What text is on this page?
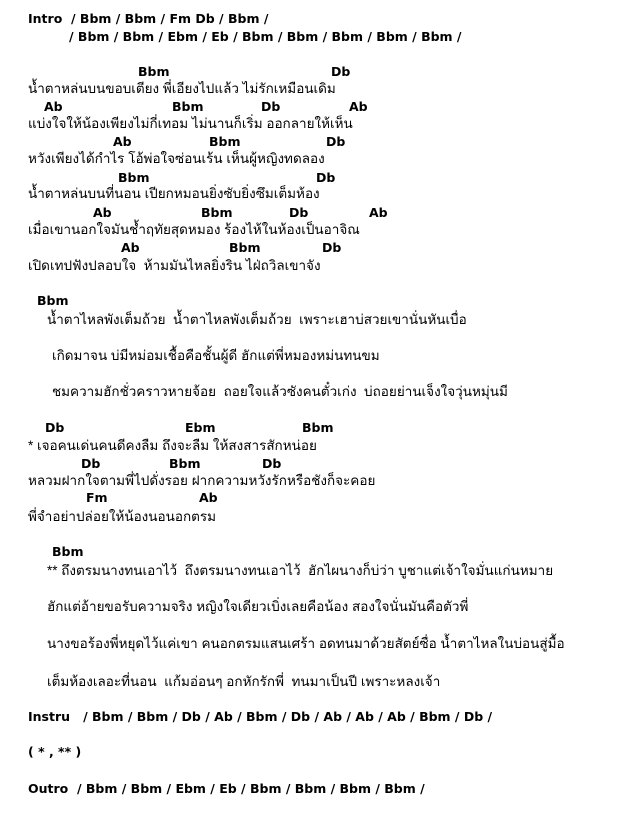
Intro / Bbm / Bbm / Fm Db / Bbm /
/ Bbm / Bbm / Ebm / Eb / Bbm / Bbm / Bbm / Bbm / Bbm /
Bbm	Db
น้ำตาหล่นบนขอบเตียง พี่เอียงไปแล้ว ไม่รักเหมือนเดิม
Ab	Bbm	Db	Ab
แบ่งใจให้น้องเพียงไม่กี่เทอม ไม่นานก็เริ่ม ออกลายให้เห็น
Ab	Bbm	Db
หวังเพียงได้กำไร โอ้พ่อใจซ่อนเร้น เห็นผู้หญิงทดลอง
Bbm	Db
น้ำตาหล่นบนที่นอน เปียกหมอนยิ่งซับยิ่งซึมเต็มห้อง
Ab	Bbm	Db	Ab
เมื่อเขานอกใจมันช้ำฤทัยสุดหมอง ร้องไห้ในห้องเป็นอาจิณ
Ab	Bbm	Db
เปิดเทปฟังปลอบใจ  ห้ามมันไหลยิ่งริน ไฝ่ถวิลเขาจัง
Bbm
น้ำตาไหลพังเต็มถ้วย  น้ำตาไหลพังเต็มถ้วย  เพราะเฮาบ่สวยเขานั่นหันเบื่อ
เกิดมาจน บ่มีหม่อมเชื้อคือชั้นผู้ดี ฮักแต่พี่หมองหม่นทนขม
ชมความฮักชั่วคราวหายจ้อย  ถอยใจแล้วซังคนตั๋วเก่ง  บ่ถอยย่านเจ็งใจวุ่นหมุ่นมี
Db	Ebm	Bbm
* เจอคนเด่นคนดีคงลืม ถึงจะลืม ให้สงสารสักหน่อย
Db	Bbm	Db
หลวมฝากใจตามพี่ไปดั่งรอย ฝากความหวังรักหรือชังก็จะคอย
Fm	Ab
พี่จำอย่าปล่อยให้น้องนอนอกตรม
Bbm
** ถึงตรมนางทนเอาไว้  ถึงตรมนางทนเอาไว้  ฮักไผนางก็บ่ว่า บูชาแต่เจ้าใจมั่นแก่นหมาย
ฮักแต่อ้ายขอรับความจริง หญิงใจเดียวเบิ่งเลยคือน้อง สองใจนั่นมันคือตัวพี่
นางขอร้องพี่หยุดไว้แค่เขา คนอกตรมแสนเศร้า อดทนมาด้วยสัตย์ซื่อ น้ำตาไหลในบ่อนสู่มื้อ
เต็มห้องเลอะที่นอน  แก้มอ่อนๆ อกหักรักพี่  ทนมาเป็นปี เพราะหลงเจ้า
Instru / Bbm / Bbm / Db / Ab / Bbm / Db / Ab / Ab / Ab / Bbm / Db /
( * , ** )
Outro / Bbm / Bbm / Ebm / Eb / Bbm / Bbm / Bbm / Bbm /
